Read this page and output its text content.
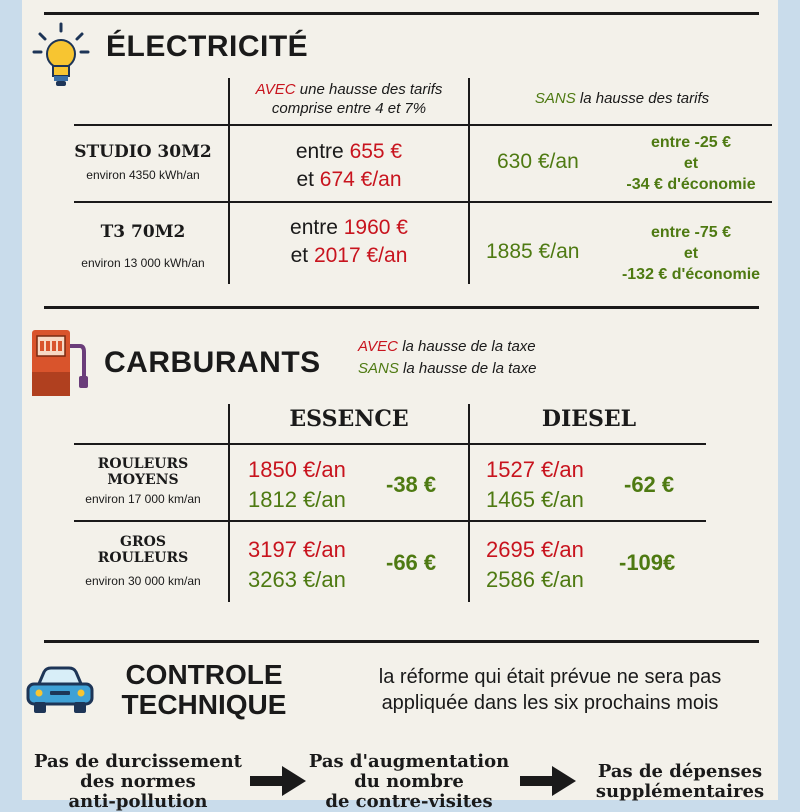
ÉLECTRICITÉ
AVEC une hausse des tarifs
comprise entre 4 et 7%
SANS la hausse des tarifs
STUDIO 30M2
environ 4350 kWh/an
entre 655 €
et 674 €/an
630 €/an
entre -25 €
et
-34 € d'économie
T3 70M2
environ 13 000 kWh/an
entre 1960 €
et 2017 €/an	1885 €/an
entre -75 €
et
-132 € d'économie
CARBURANTS AVEC la hausse de la taxe
SANS la hausse de la taxe
ESSENCE	DIESEL
ROULEURS
MOYENS
environ 17 000 km/an
1850 €/an
1812 €/an
-38 €
1527 €/an
1465 €/an
-62 €
GROS
ROULEURS
environ 30 000 km/an
3197 €/an
3263 €/an
-66 €
2695 €/an
2586 €/an
-109€
CONTROLE
TECHNIQUE
la réforme qui était prévue ne sera pas
appliquée dans les six prochains mois
Pas de durcissement
des normes
anti-pollution
Pas d'augmentation
du nombre
de contre-visites
Pas de dépenses
supplémentaires
